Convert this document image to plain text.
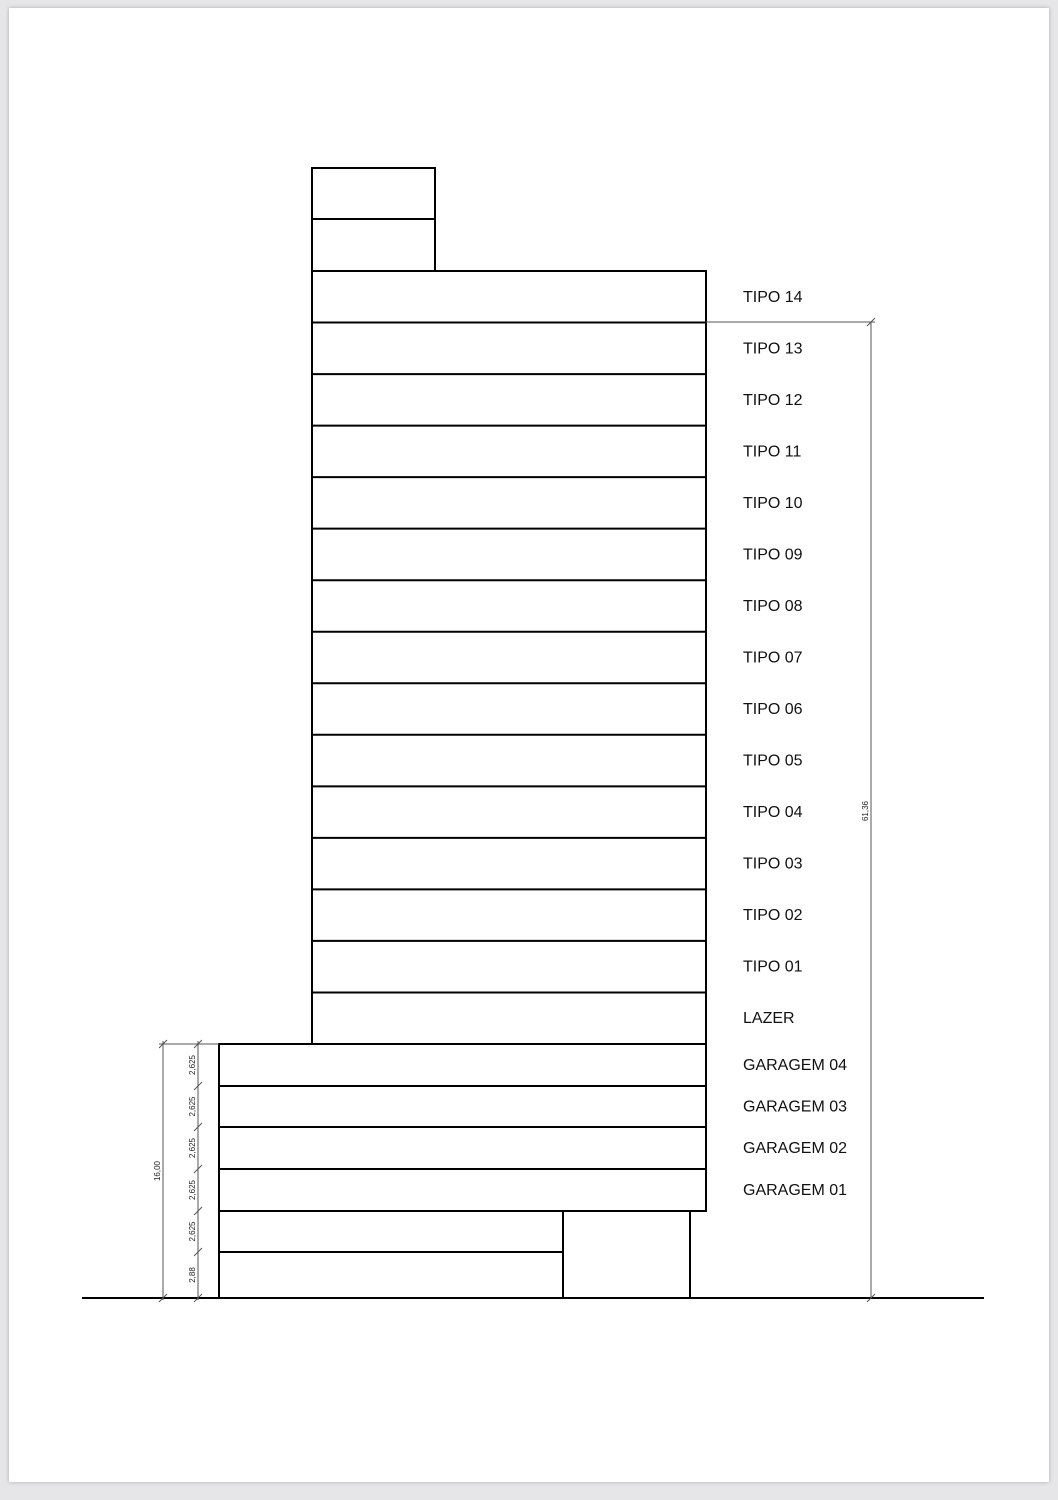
61,36
16,00
2,625
2,625
2,625
2,625
2,625
2,88
TIPO 14
TIPO 13
TIPO 12
TIPO 11
TIPO 10
TIPO 09
TIPO 08
TIPO 07
TIPO 06
TIPO 05
TIPO 04
TIPO 03
TIPO 02
TIPO 01
LAZER
GARAGEM 04
GARAGEM 03
GARAGEM 02
GARAGEM 01
